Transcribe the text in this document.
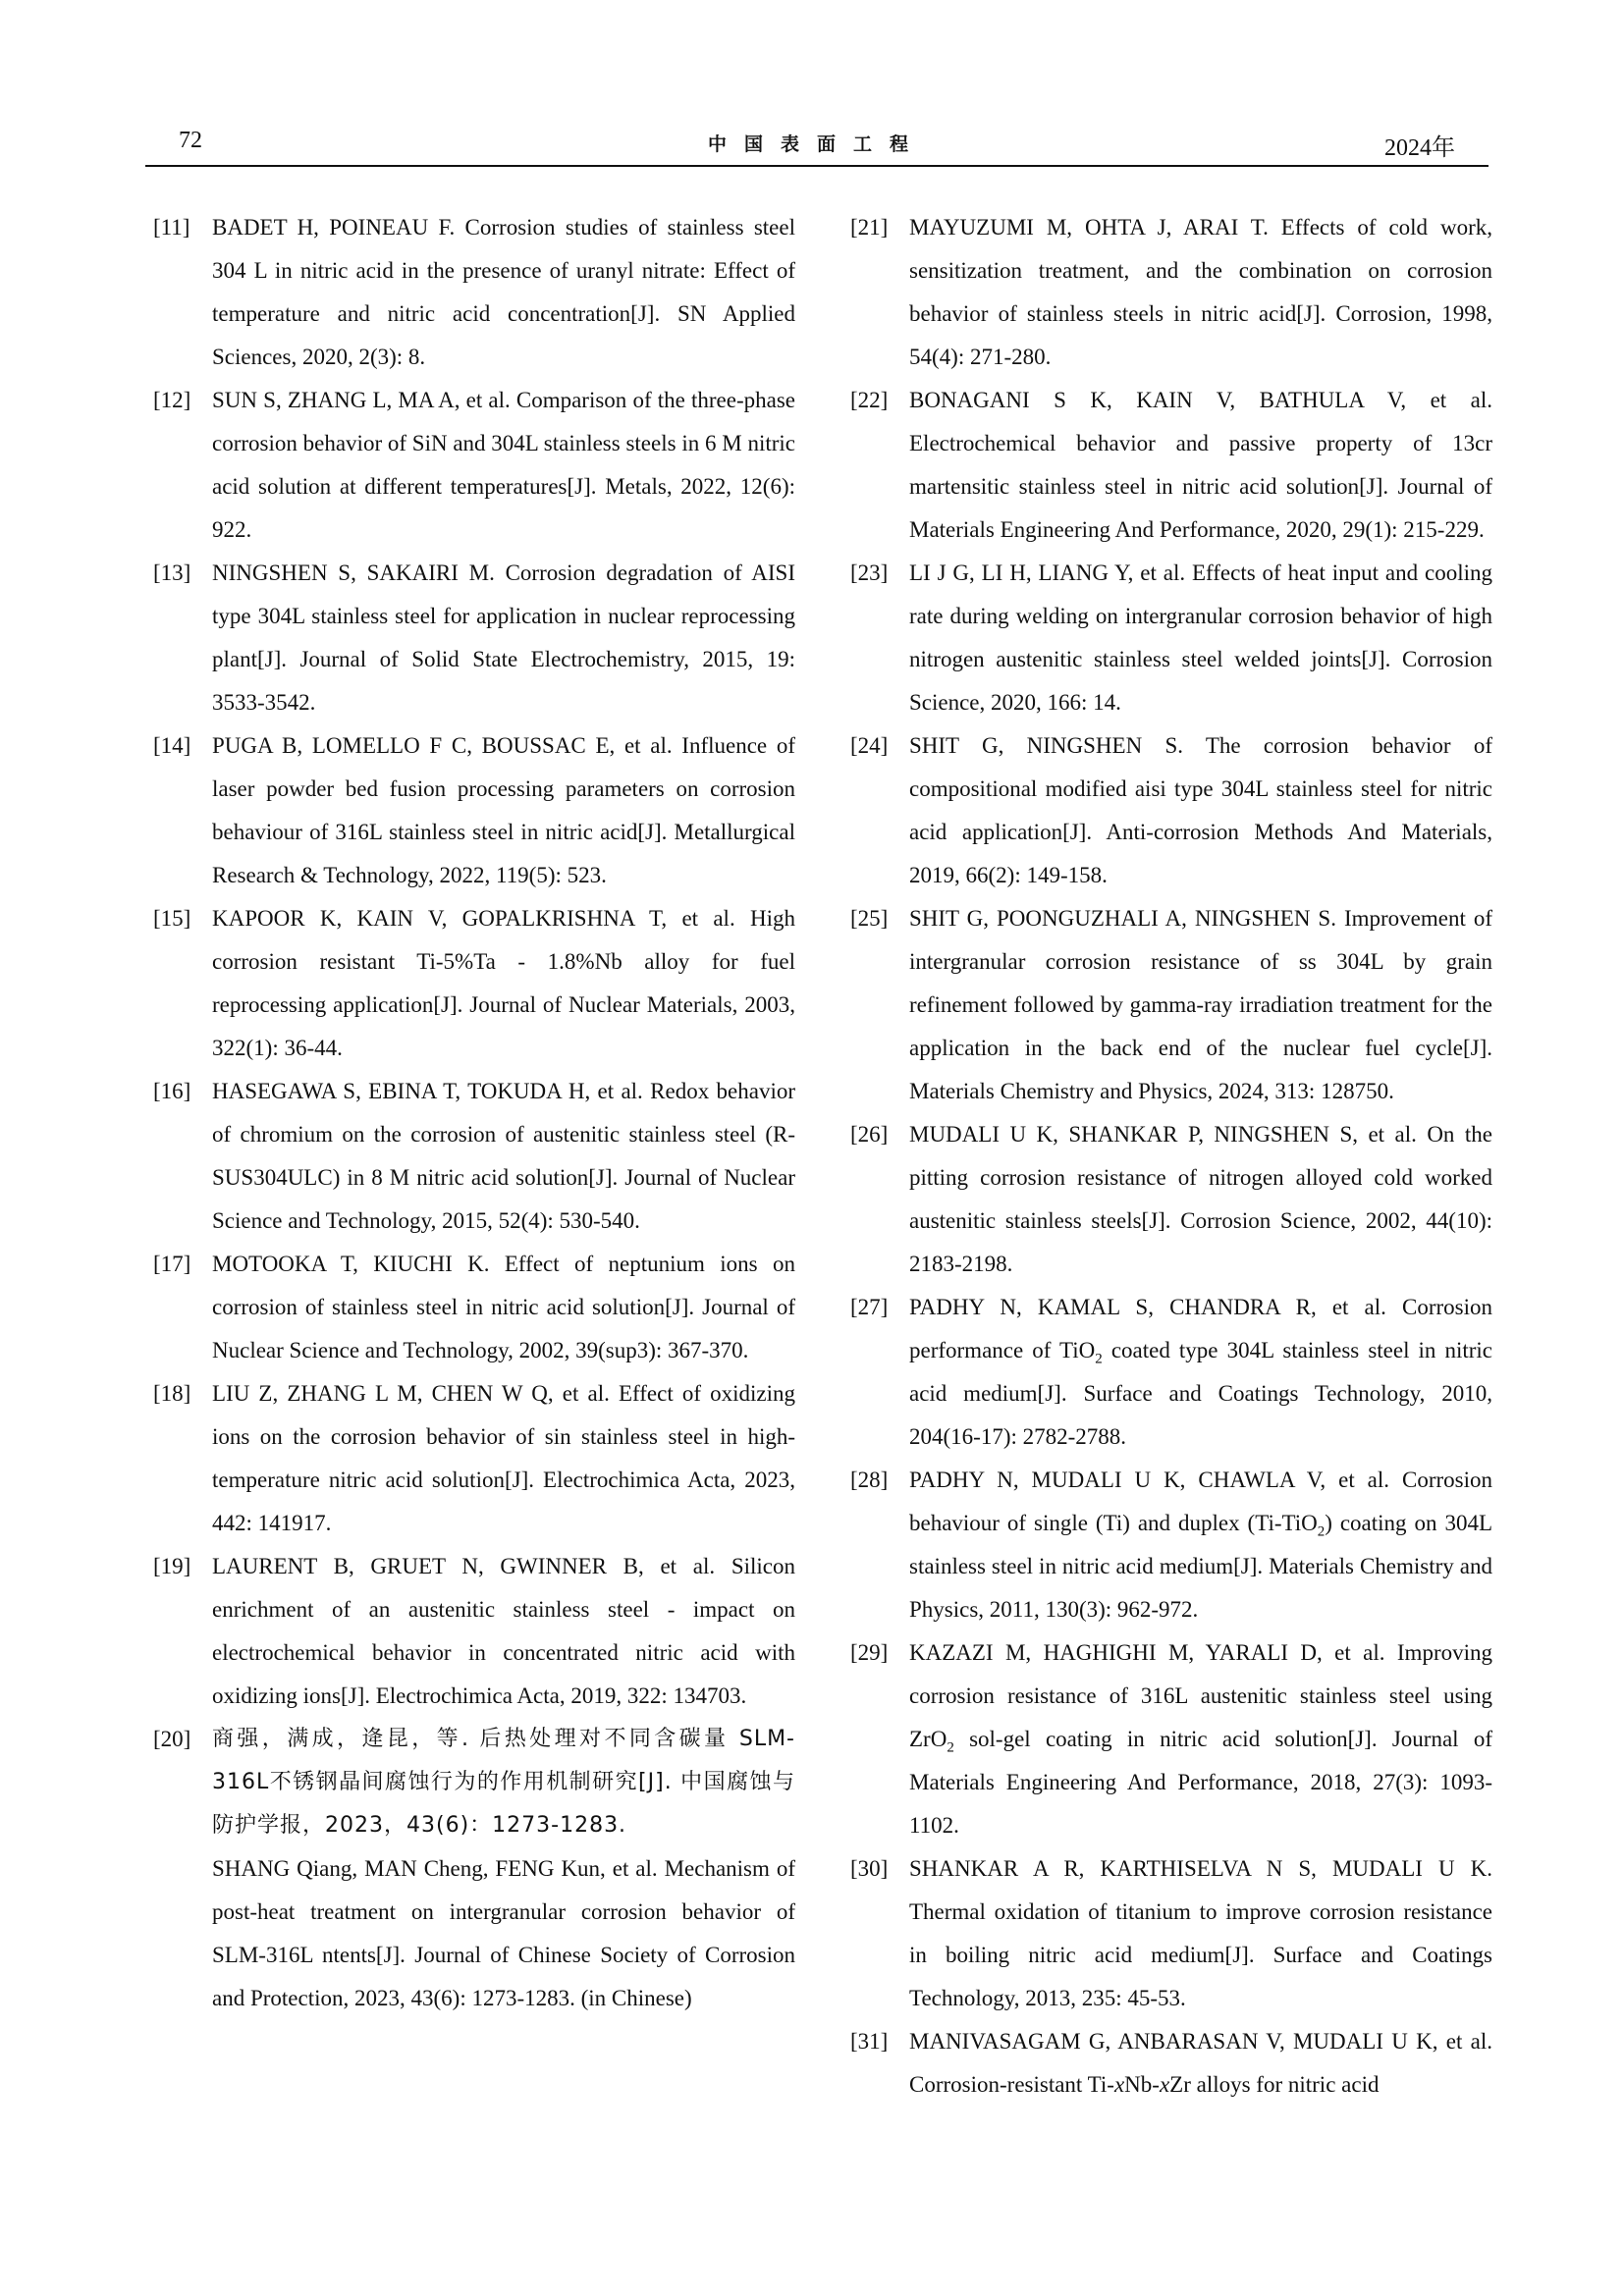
72	中国表面工程	2024年
[11] BADET H, POINEAU F. Corrosion studies of stainless steel 304 L in nitric acid in the presence of uranyl nitrate: Effect of temperature and nitric acid concentration[J]. SN Applied Sciences, 2020, 2(3): 8.

[12] SUN S, ZHANG L, MA A, et al. Comparison of the three-phase corrosion behavior of SiN and 304L stainless steels in 6 M nitric acid solution at different temperatures[J]. Metals, 2022, 12(6): 922.

[13] NINGSHEN S, SAKAIRI M. Corrosion degradation of AISI type 304L stainless steel for application in nuclear reprocessing plant[J]. Journal of Solid State Electrochemistry, 2015, 19: 3533-3542.

[14] PUGA B, LOMELLO F C, BOUSSAC E, et al. Influence of laser powder bed fusion processing parameters on corrosion behaviour of 316L stainless steel in nitric acid[J]. Metallurgical Research & Technology, 2022, 119(5): 523.

[15] KAPOOR K, KAIN V, GOPALKRISHNA T, et al. High corrosion resistant Ti-5%Ta - 1.8%Nb alloy for fuel reprocessing application[J]. Journal of Nuclear Materials, 2003, 322(1): 36-44.

[16] HASEGAWA S, EBINA T, TOKUDA H, et al. Redox behavior of chromium on the corrosion of austenitic stainless steel (R-SUS304ULC) in 8 M nitric acid solution[J]. Journal of Nuclear Science and Technology, 2015, 52(4): 530-540.

[17] MOTOOKA T, KIUCHI K. Effect of neptunium ions on corrosion of stainless steel in nitric acid solution[J]. Journal of Nuclear Science and Technology, 2002, 39(sup3): 367-370.

[18] LIU Z, ZHANG L M, CHEN W Q, et al. Effect of oxidizing ions on the corrosion behavior of sin stainless steel in high-temperature nitric acid solution[J]. Electrochimica Acta, 2023, 442: 141917.

[19] LAURENT B, GRUET N, GWINNER B, et al. Silicon enrichment of an austenitic stainless steel - impact on electrochemical behavior in concentrated nitric acid with oxidizing ions[J]. Electrochimica Acta, 2019, 322: 134703.

[20] 商强，满成，逄昆，等. 后热处理对不同含碳量 SLM-316L不锈钢晶间腐蚀行为的作用机制研究[J]. 中国腐蚀与防护学报，2023，43(6)：1273-1283.

SHANG Qiang, MAN Cheng, FENG Kun, et al. Mechanism of post-heat treatment on intergranular corrosion behavior of SLM-316L ntents[J]. Journal of Chinese Society of Corrosion and Protection, 2023, 43(6): 1273-1283. (in Chinese)

[21] MAYUZUMI M, OHTA J, ARAI T. Effects of cold work, sensitization treatment, and the combination on corrosion behavior of stainless steels in nitric acid[J]. Corrosion, 1998, 54(4): 271-280.

[22] BONAGANI S K, KAIN V, BATHULA V, et al. Electrochemical behavior and passive property of 13cr martensitic stainless steel in nitric acid solution[J]. Journal of Materials Engineering And Performance, 2020, 29(1): 215-229.

[23] LI J G, LI H, LIANG Y, et al. Effects of heat input and cooling rate during welding on intergranular corrosion behavior of high nitrogen austenitic stainless steel welded joints[J]. Corrosion Science, 2020, 166: 14.

[24] SHIT G, NINGSHEN S. The corrosion behavior of compositional modified aisi type 304L stainless steel for nitric acid application[J]. Anti-corrosion Methods And Materials, 2019, 66(2): 149-158.

[25] SHIT G, POONGUZHALI A, NINGSHEN S. Improvement of intergranular corrosion resistance of ss 304L by grain refinement followed by gamma-ray irradiation treatment for the application in the back end of the nuclear fuel cycle[J]. Materials Chemistry and Physics, 2024, 313: 128750.

[26] MUDALI U K, SHANKAR P, NINGSHEN S, et al. On the pitting corrosion resistance of nitrogen alloyed cold worked austenitic stainless steels[J]. Corrosion Science, 2002, 44(10): 2183-2198.

[27] PADHY N, KAMAL S, CHANDRA R, et al. Corrosion performance of TiO$_2$ coated type 304L stainless steel in nitric acid medium[J]. Surface and Coatings Technology, 2010, 204(16-17): 2782-2788.

[28] PADHY N, MUDALI U K, CHAWLA V, et al. Corrosion behaviour of single (Ti) and duplex (Ti-TiO$_2$) coating on 304L stainless steel in nitric acid medium[J]. Materials Chemistry and Physics, 2011, 130(3): 962-972.

[29] KAZAZI M, HAGHIGHI M, YARALI D, et al. Improving corrosion resistance of 316L austenitic stainless steel using ZrO$_2$ sol-gel coating in nitric acid solution[J]. Journal of Materials Engineering And Performance, 2018, 27(3): 1093-1102.

[30] SHANKAR A R, KARTHISELVA N S, MUDALI U K. Thermal oxidation of titanium to improve corrosion resistance in boiling nitric acid medium[J]. Surface and Coatings Technology, 2013, 235: 45-53.

[31] MANIVASAGAM G, ANBARASAN V, MUDALI U K, et al. Corrosion-resistant Ti-xNb-xZr alloys for nitric acid
